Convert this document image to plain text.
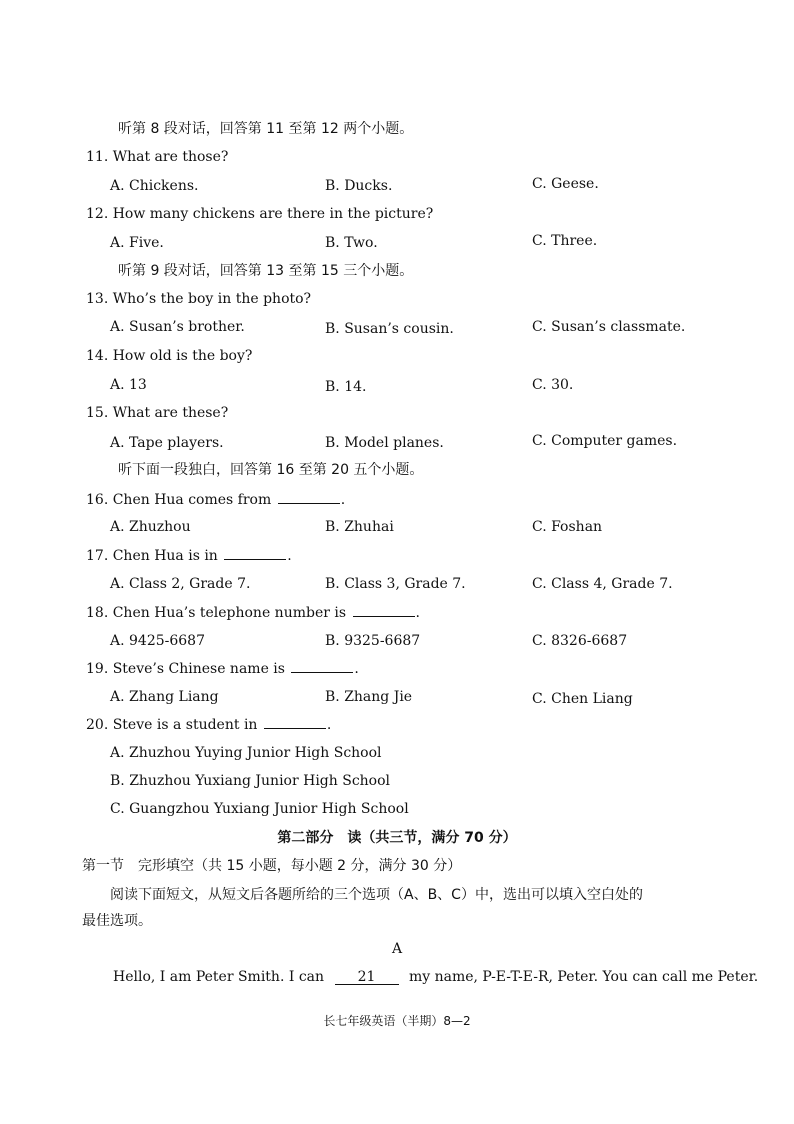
听第 8 段对话，回答第 11 至第 12 两个小题。
11. What are those?
A. Chickens.	B. Ducks.	C. Geese.
12. How many chickens are there in the picture?
A. Five.	B. Two.	C. Three.
听第 9 段对话，回答第 13 至第 15 三个小题。
13. Who’s the boy in the photo?
A. Susan’s brother.	B. Susan’s cousin.	C. Susan’s classmate.
14. How old is the boy?
A. 13	B. 14.	C. 30.
15. What are these?
A. Tape players.	B. Model planes.	C. Computer games.
听下面一段独白，回答第 16 至第 20 五个小题。
16. Chen Hua comes from	.
A. Zhuzhou	B. Zhuhai	C. Foshan
17. Chen Hua is in	.
A. Class 2, Grade 7.	B. Class 3, Grade 7.	C. Class 4, Grade 7.
18. Chen Hua’s telephone number is	.
A. 9425-6687	B. 9325-6687	C. 8326-6687
19. Steve’s Chinese name is	.
A. Zhang Liang	B. Zhang Jie	C. Chen Liang
20. Steve is a student in	.
A. Zhuzhou Yuying Junior High School
B. Zhuzhou Yuxiang Junior High School
C. Guangzhou Yuxiang Junior High School
第二部分　读（共三节，满分 70 分）
第一节　完形填空（共 15 小题，每小题 2 分，满分 30 分）
阅读下面短文，从短文后各题所给的三个选项（A、B、C）中，选出可以填入空白处的
最佳选项。
A
Hello, I am Peter Smith. I can 21 my name, P-E-T-E-R, Peter. You can call me Peter.
长七年级英语（半期）8—2
